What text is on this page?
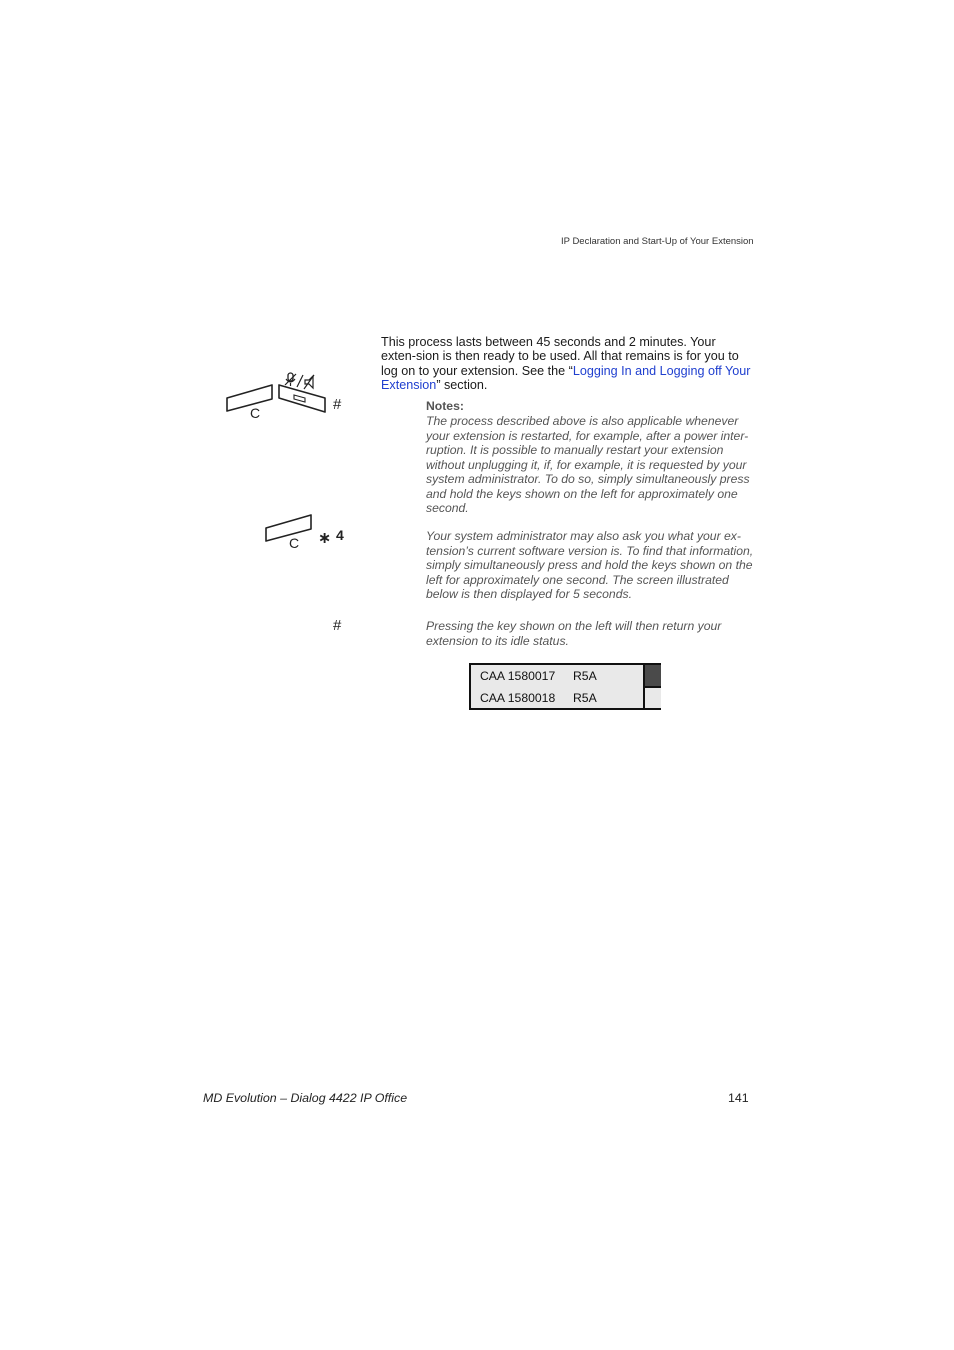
IP Declaration and Start-Up of Your Extension
This process lasts between 45 seconds and 2 minutes. Your exten-sion is then ready to be used. All that remains is for you to log on to your extension. See the “Logging In and Logging off Your Extension” section.
C	#	Notes:
The process described above is also applicable whenever your extension is restarted, for example, after a power inter-ruption. It is possible to manually restart your extension without unplugging it, if, for example, it is requested by your system administrator. To do so, simply simultaneously press and hold the keys shown on the left for approximately one second.
C ∗ 4	Your system administrator may also ask you what your ex-tension’s current software version is. To find that information, simply simultaneously press and hold the keys shown on the left for approximately one second. The screen illustrated below is then displayed for 5 seconds.
#	Pressing the key shown on the left will then return your extension to its idle status.
CAA 1580017 R5A
CAA 1580018 R5A
MD Evolution – Dialog 4422 IP Office	141
